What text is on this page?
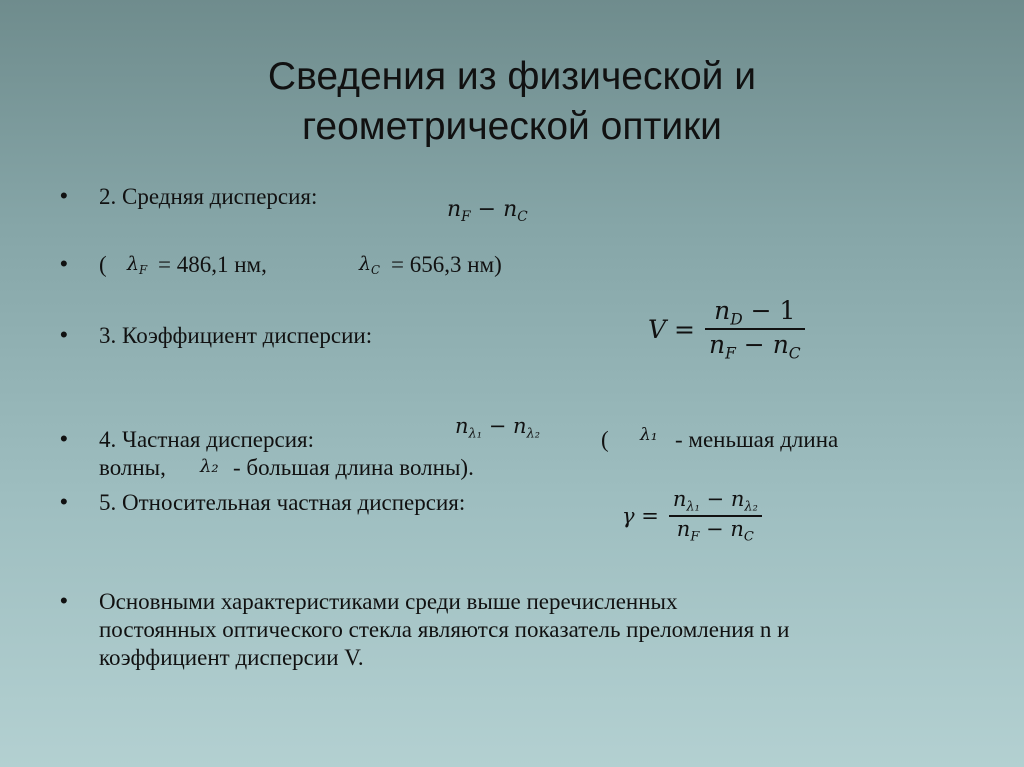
Сведения из физической и
геометрической оптики
• 2. Средняя дисперсия:
$n_F - n_C$
• ( $\lambda_F = 486,1$ нм,	$\lambda_C = 656,3$ нм)
• 3. Коэффициент дисперсии:	$V = \frac{n_D - 1}{n_F - n_C}$
• 4. Частная дисперсия:
$n_{\lambda_1} - n_{\lambda_2}$	( λ₁ - меньшая длина
волны, λ₂ - большая длина волны).
• 5. Относительная частная дисперсия:
$\gamma = \frac{n_{\lambda_1} - n_{\lambda_2}}{n_F - n_C}$
• Основными характеристиками среди выше перечисленных
постоянных оптического стекла являются показатель преломления n и
коэффициент дисперсии V.
